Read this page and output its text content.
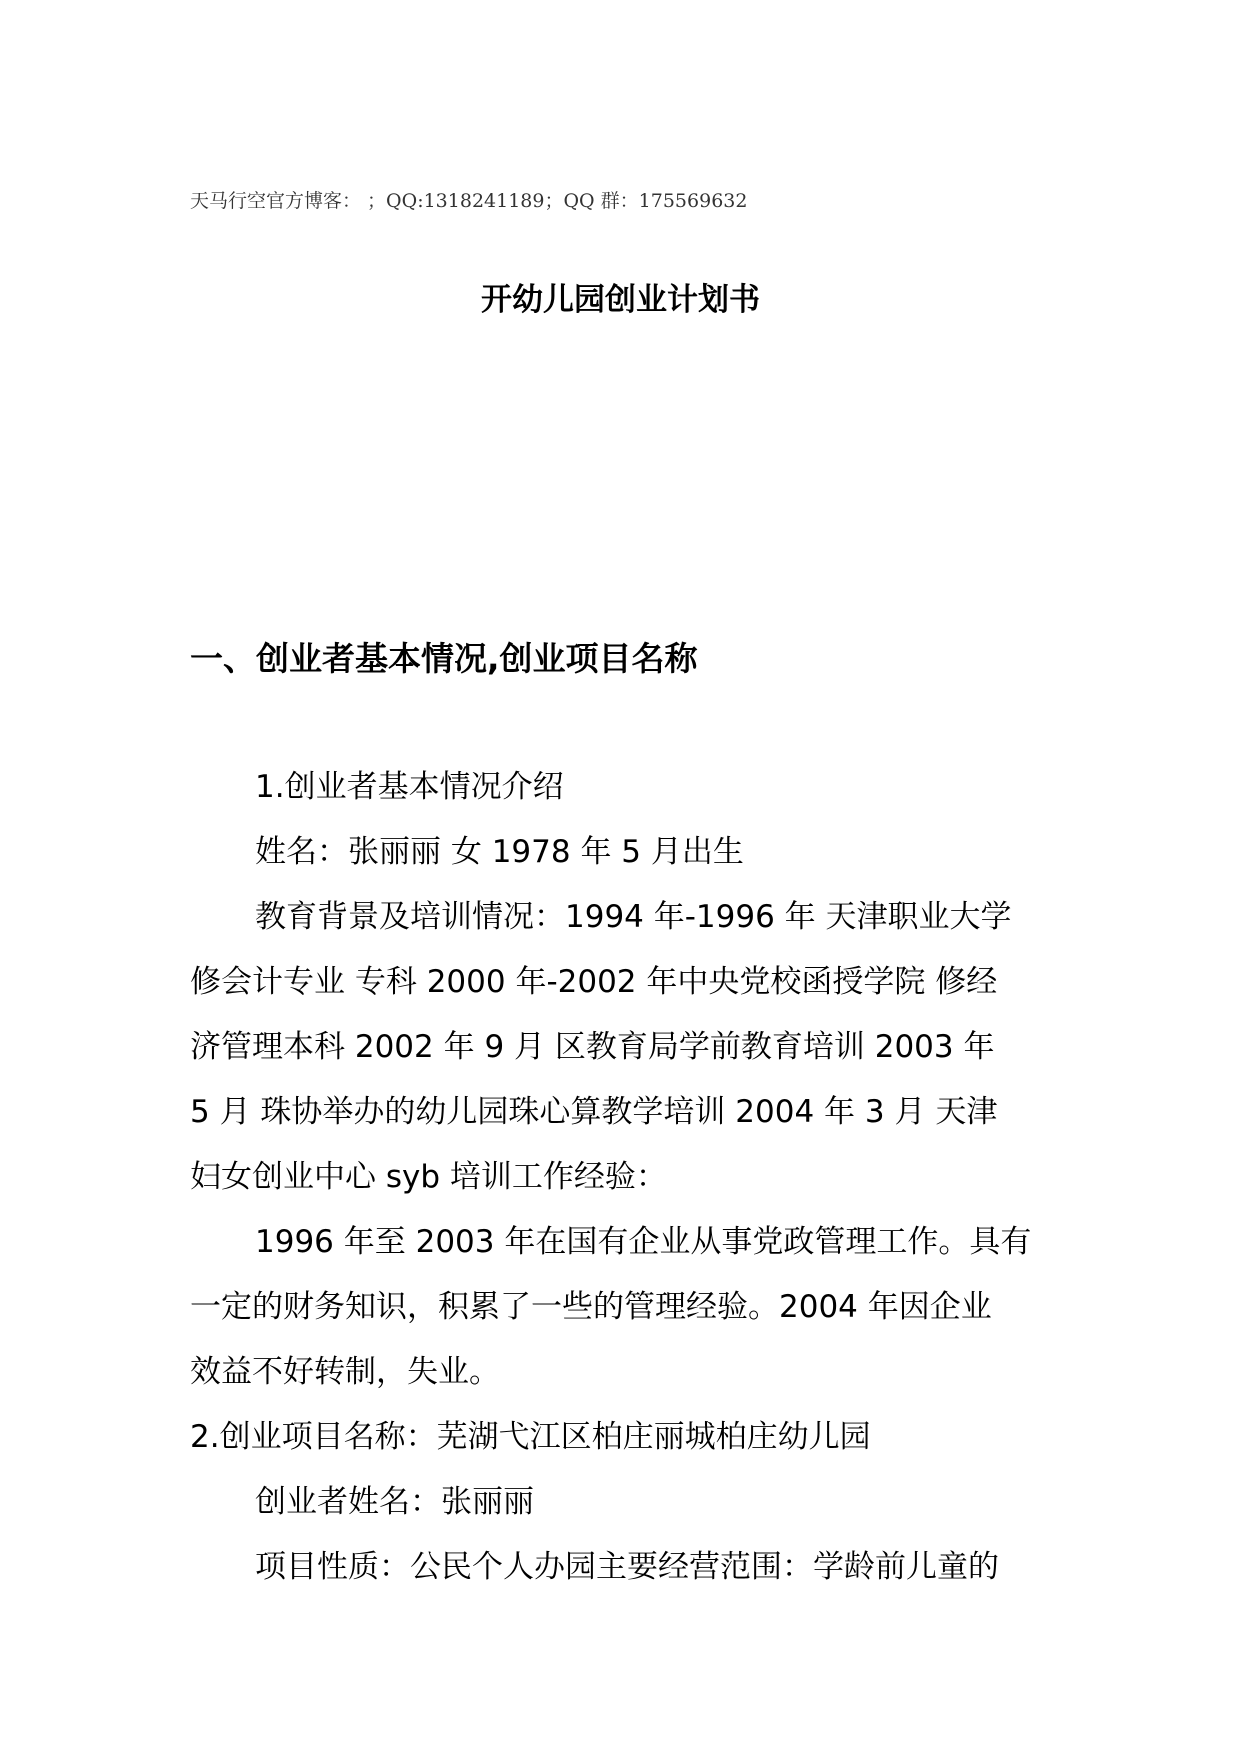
天马行空官方博客： ；QQ:1318241189；QQ 群：175569632
开幼儿园创业计划书
一、创业者基本情况,创业项目名称
1.创业者基本情况介绍
姓名：张丽丽 女 1978 年 5 月出生
教育背景及培训情况：1994 年-1996 年 天津职业大学
修会计专业 专科 2000 年-2002 年中央党校函授学院 修经
济管理本科 2002 年 9 月 区教育局学前教育培训 2003 年
5 月 珠协举办的幼儿园珠心算教学培训 2004 年 3 月 天津
妇女创业中心 syb 培训工作经验：
1996 年至 2003 年在国有企业从事党政管理工作。具有
一定的财务知识，积累了一些的管理经验。2004 年因企业
效益不好转制，失业。
2.创业项目名称：芜湖弋江区柏庄丽城柏庄幼儿园
创业者姓名：张丽丽
项目性质：公民个人办园主要经营范围：学龄前儿童的
